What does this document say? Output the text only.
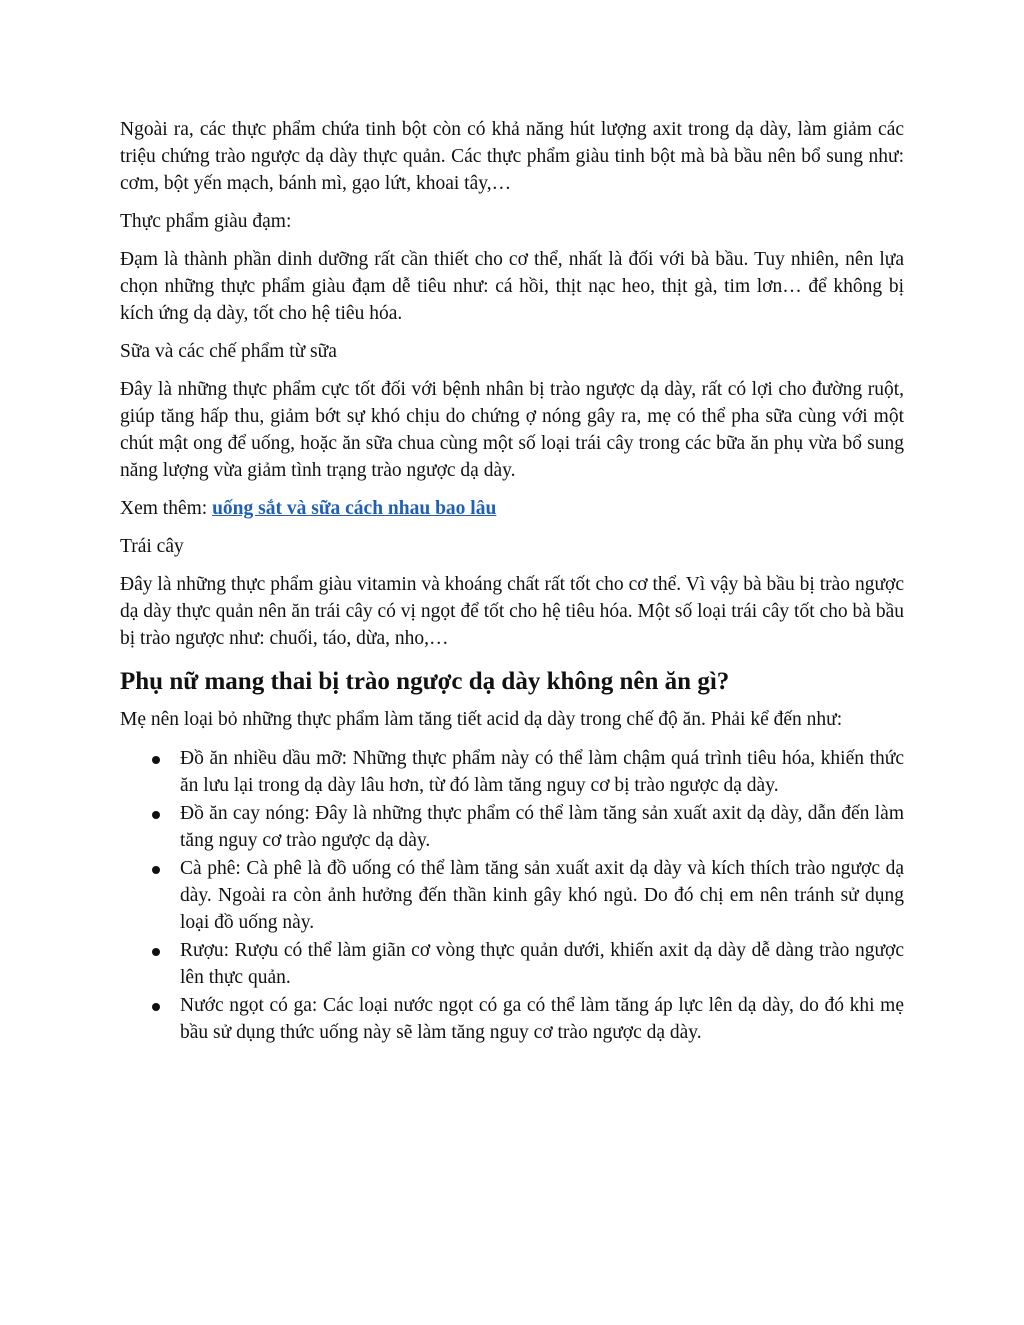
Ngoài ra, các thực phẩm chứa tinh bột còn có khả năng hút lượng axit trong dạ dày, làm giảm các triệu chứng trào ngược dạ dày thực quản. Các thực phẩm giàu tinh bột mà bà bầu nên bổ sung như: cơm, bột yến mạch, bánh mì, gạo lứt, khoai tây,…

Thực phẩm giàu đạm:

Đạm là thành phần dinh dưỡng rất cần thiết cho cơ thể, nhất là đối với bà bầu. Tuy nhiên, nên lựa chọn những thực phẩm giàu đạm dễ tiêu như: cá hồi, thịt nạc heo, thịt gà, tim lơn… để không bị kích ứng dạ dày, tốt cho hệ tiêu hóa.

Sữa và các chế phẩm từ sữa

Đây là những thực phẩm cực tốt đối với bệnh nhân bị trào ngược dạ dày, rất có lợi cho đường ruột, giúp tăng hấp thu, giảm bớt sự khó chịu do chứng ợ nóng gây ra, mẹ có thể pha sữa cùng với một chút mật ong để uống, hoặc ăn sữa chua cùng một số loại trái cây trong các bữa ăn phụ vừa bổ sung năng lượng vừa giảm tình trạng trào ngược dạ dày.

Xem thêm: uống sắt và sữa cách nhau bao lâu

Trái cây

Đây là những thực phẩm giàu vitamin và khoáng chất rất tốt cho cơ thể. Vì vậy bà bầu bị trào ngược dạ dày thực quản nên ăn trái cây có vị ngọt để tốt cho hệ tiêu hóa. Một số loại trái cây tốt cho bà bầu bị trào ngược như: chuối, táo, dừa, nho,…

Phụ nữ mang thai bị trào ngược dạ dày không nên ăn gì?

Mẹ nên loại bỏ những thực phẩm làm tăng tiết acid dạ dày trong chế độ ăn. Phải kể đến như:

Đồ ăn nhiều dầu mỡ: Những thực phẩm này có thể làm chậm quá trình tiêu hóa, khiến thức ăn lưu lại trong dạ dày lâu hơn, từ đó làm tăng nguy cơ bị trào ngược dạ dày.
Đồ ăn cay nóng: Đây là những thực phẩm có thể làm tăng sản xuất axit dạ dày, dẫn đến làm tăng nguy cơ trào ngược dạ dày.
Cà phê: Cà phê là đồ uống có thể làm tăng sản xuất axit dạ dày và kích thích trào ngược dạ dày. Ngoài ra còn ảnh hưởng đến thần kinh gây khó ngủ. Do đó chị em nên tránh sử dụng loại đồ uống này.
Rượu: Rượu có thể làm giãn cơ vòng thực quản dưới, khiến axit dạ dày dễ dàng trào ngược lên thực quản.
Nước ngọt có ga: Các loại nước ngọt có ga có thể làm tăng áp lực lên dạ dày, do đó khi mẹ bầu sử dụng thức uống này sẽ làm tăng nguy cơ trào ngược dạ dày.
